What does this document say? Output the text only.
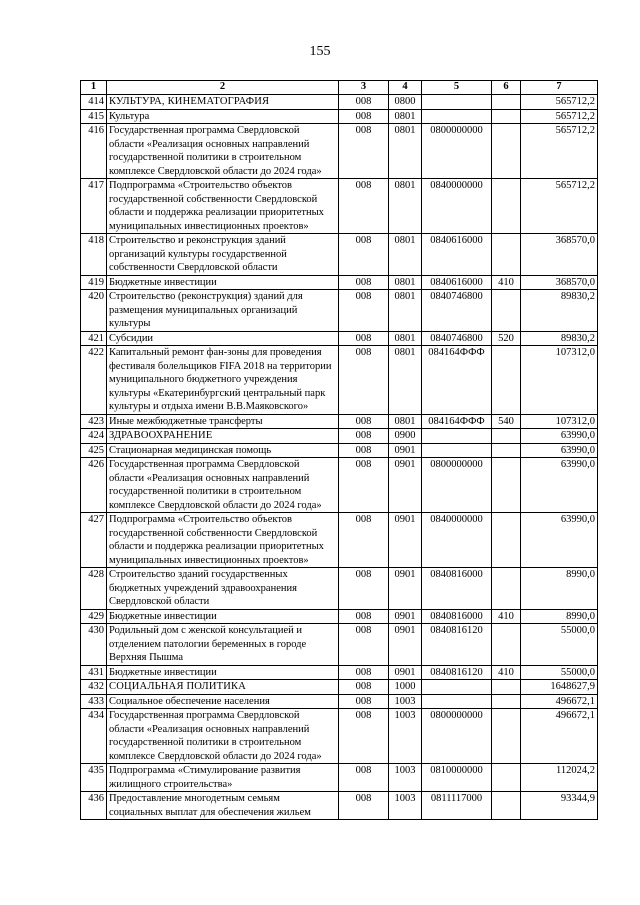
155
1	2	3	4	5	6	7
414	КУЛЬТУРА, КИНЕМАТОГРАФИЯ	008	0800			565712,2
415	Культура	008	0801			565712,2
416	Государственная программа Свердловской области «Реализация основных направлений государственной политики в строительном комплексе Свердловской области до 2024 года»	008	0801	0800000000		565712,2
417	Подпрограмма «Строительство объектов государственной собственности Свердловской области и поддержка реализации приоритетных муниципальных инвестиционных проектов»	008	0801	0840000000		565712,2
418	Строительство и реконструкция зданий организаций культуры государственной собственности Свердловской области	008	0801	0840616000		368570,0
419	Бюджетные инвестиции	008	0801	0840616000	410	368570,0
420	Строительство (реконструкция) зданий для размещения муниципальных организаций культуры	008	0801	0840746800		89830,2
421	Субсидии	008	0801	0840746800	520	89830,2
422	Капитальный ремонт фан-зоны для проведения фестиваля болельщиков FIFA 2018 на территории муниципального бюджетного учреждения культуры «Екатеринбургский центральный парк культуры и отдыха имени В.В.Маяковского»	008	0801	084164ФФФ		107312,0
423	Иные межбюджетные трансферты	008	0801	084164ФФФ	540	107312,0
424	ЗДРАВООХРАНЕНИЕ	008	0900			63990,0
425	Стационарная медицинская помощь	008	0901			63990,0
426	Государственная программа Свердловской области «Реализация основных направлений государственной политики в строительном комплексе Свердловской области до 2024 года»	008	0901	0800000000		63990,0
427	Подпрограмма «Строительство объектов государственной собственности Свердловской области и поддержка реализации приоритетных муниципальных инвестиционных проектов»	008	0901	0840000000		63990,0
428	Строительство зданий государственных бюджетных учреждений здравоохранения Свердловской области	008	0901	0840816000		8990,0
429	Бюджетные инвестиции	008	0901	0840816000	410	8990,0
430	Родильный дом с женской консультацией и отделением патологии беременных в городе Верхняя Пышма	008	0901	0840816120		55000,0
431	Бюджетные инвестиции	008	0901	0840816120	410	55000,0
432	СОЦИАЛЬНАЯ ПОЛИТИКА	008	1000			1648627,9
433	Социальное обеспечение населения	008	1003			496672,1
434	Государственная программа Свердловской области «Реализация основных направлений государственной политики в строительном комплексе Свердловской области до 2024 года»	008	1003	0800000000		496672,1
435	Подпрограмма «Стимулирование развития жилищного строительства»	008	1003	0810000000		112024,2
436	Предоставление многодетным семьям социальных выплат для обеспечения жильем	008	1003	0811117000		93344,9
